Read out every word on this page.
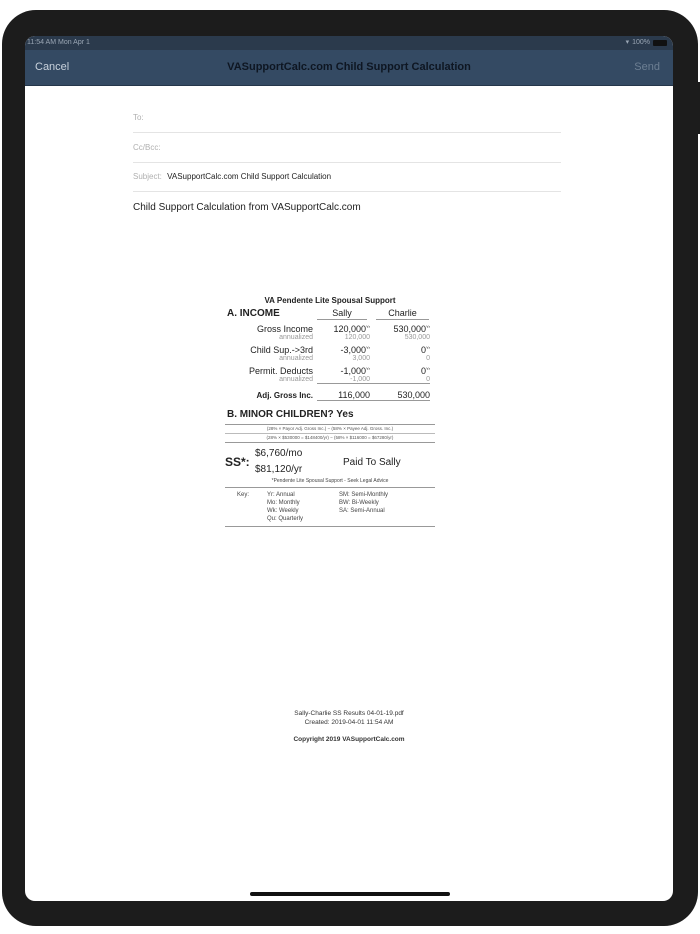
11:54 AM Mon Apr 1	▾ 100%
Cancel	VASupportCalc.com Child Support Calculation	Send
To:
Cc/Bcc:
Subject: VASupportCalc.com Child Support Calculation
Child Support Calculation from VASupportCalc.com
VA Pendente Lite Spousal Support
A. INCOME	Sally	Charlie
Gross Income	$120,000^{Yr}$	$530,000^{Yr}$
annualized	120,000	530,000
Child Sup.->3rd	$-3,000^{Yr}$	$0^{Yr}$
annualized	3,000	0
Permit. Deducts	$-1,000^{Yr}$	$0^{Yr}$
annualized	-1,000	0
Adj. Gross Inc.	116,000	530,000
B. MINOR CHILDREN? Yes
(28% × Payor Adj. Gross Inc.) − (58% × Payee Adj. Gross. Inc.)
(28% × $530000 = $148400/yr) − (58% × $116000 = $67280/yr)
SS*:
$6,760/mo
$81,120/yr
Paid To Sally
*Pendente Lite Spousal Support - Seek Legal Advice
Key:	Yr: Annual
Mo: Monthly
Wk: Weekly
Qu: Quarterly
SM: Semi-Monthly
BW: Bi-Weekly
SA: Semi-Annual
Sally-Charlie SS Results 04-01-19.pdf
Created: 2019-04-01 11:54 AM
Copyright 2019 VASupportCalc.com
